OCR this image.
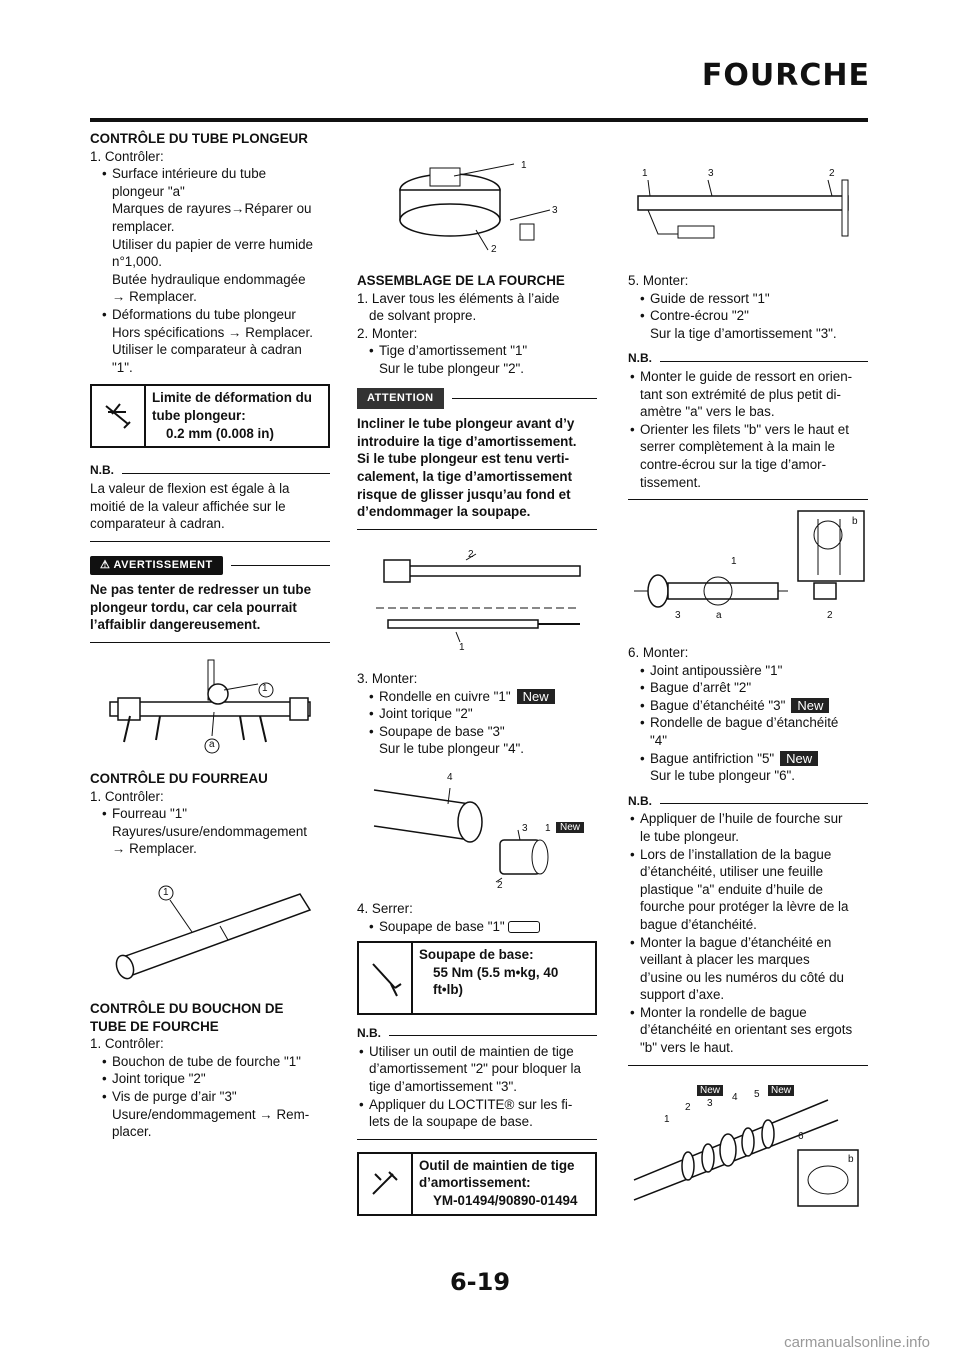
FOURCHE
CONTRÔLE DU TUBE PLONGEUR
1. Contrôler:
• Surface intérieure du tube
plongeur "a"
Marques de rayures→Réparer ou
remplacer.
Utiliser du papier de verre humide
n°1,000.
Butée hydraulique endommagée
→ Remplacer.
• Déformations du tube plongeur
Hors spécifications → Remplacer.
Utiliser le comparateur à cadran
"1".
Limite de déformation du
tube plongeur:
0.2 mm (0.008 in)
N.B.
La valeur de flexion est égale à la
moitié de la valeur affichée sur le
comparateur à cadran.
⚠ AVERTISSEMENT
Ne pas tenter de redresser un tube
plongeur tordu, car cela pourrait
l’affaiblir dangereusement.
1
a
CONTRÔLE DU FOURREAU
1. Contrôler:
• Fourreau "1"
Rayures/usure/endommagement
→ Remplacer.
1
CONTRÔLE DU BOUCHON DE
TUBE DE FOURCHE
1. Contrôler:
• Bouchon de tube de fourche "1"
• Joint torique "2"
• Vis de purge d’air "3"
Usure/endommagement → Rem-
placer.
1
3
2
ASSEMBLAGE DE LA FOURCHE
1. Laver tous les éléments à l’aide
de solvant propre.
2. Monter:
• Tige d’amortissement "1"
Sur le tube plongeur "2".
ATTENTION
Incliner le tube plongeur avant d’y
introduire la tige d’amortissement.
Si le tube plongeur est tenu verti-
calement, la tige d’amortissement
risque de glisser jusqu’au fond et
d’endommager la soupape.
2
1
3. Monter:
• Rondelle en cuivre "1" New
• Joint torique "2"
• Soupape de base "3"
Sur le tube plongeur "4".
4
3 1
2
New
4. Serrer:
• Soupape de base "1"
Soupape de base:
55 Nm (5.5 m•kg, 40
ft•lb)
N.B.
• Utiliser un outil de maintien de tige
d’amortissement "2" pour bloquer la
tige d’amortissement "3".
• Appliquer du LOCTITE® sur les fi-
lets de la soupape de base.
Outil de maintien de tige
d’amortissement:
YM-01494/90890-01494
1	3	2
5. Monter:
• Guide de ressort "1"
• Contre-écrou "2"
Sur la tige d’amortissement "3".
N.B.
• Monter le guide de ressort en orien-
tant son extrémité de plus petit di-
amètre "a" vers le bas.
• Orienter les filets "b" vers le haut et
serrer complètement à la main le
contre-écrou sur la tige d’amor-
tissement.
b
1
3	a	2
6. Monter:
• Joint antipoussière "1"
• Bague d’arrêt "2"
• Bague d’étanchéité "3" New
• Rondelle de bague d’étanchéité
"4"
• Bague antifriction "5" New
Sur le tube plongeur "6".
N.B.
• Appliquer de l’huile de fourche sur
le tube plongeur.
• Lors de l’installation de la bague
d’étanchéité, utiliser une feuille
plastique "a" enduite d’huile de
fourche pour protéger la lèvre de la
bague d’étanchéité.
• Monter la bague d’étanchéité en
veillant à placer les marques
d’usine ou les numéros du côté du
support d’axe.
• Monter la rondelle de bague
d’étanchéité en orientant ses ergots
"b" vers le haut.
1
2 3
4 5
6
b
New	New
6-19
carmanualsonline.info
